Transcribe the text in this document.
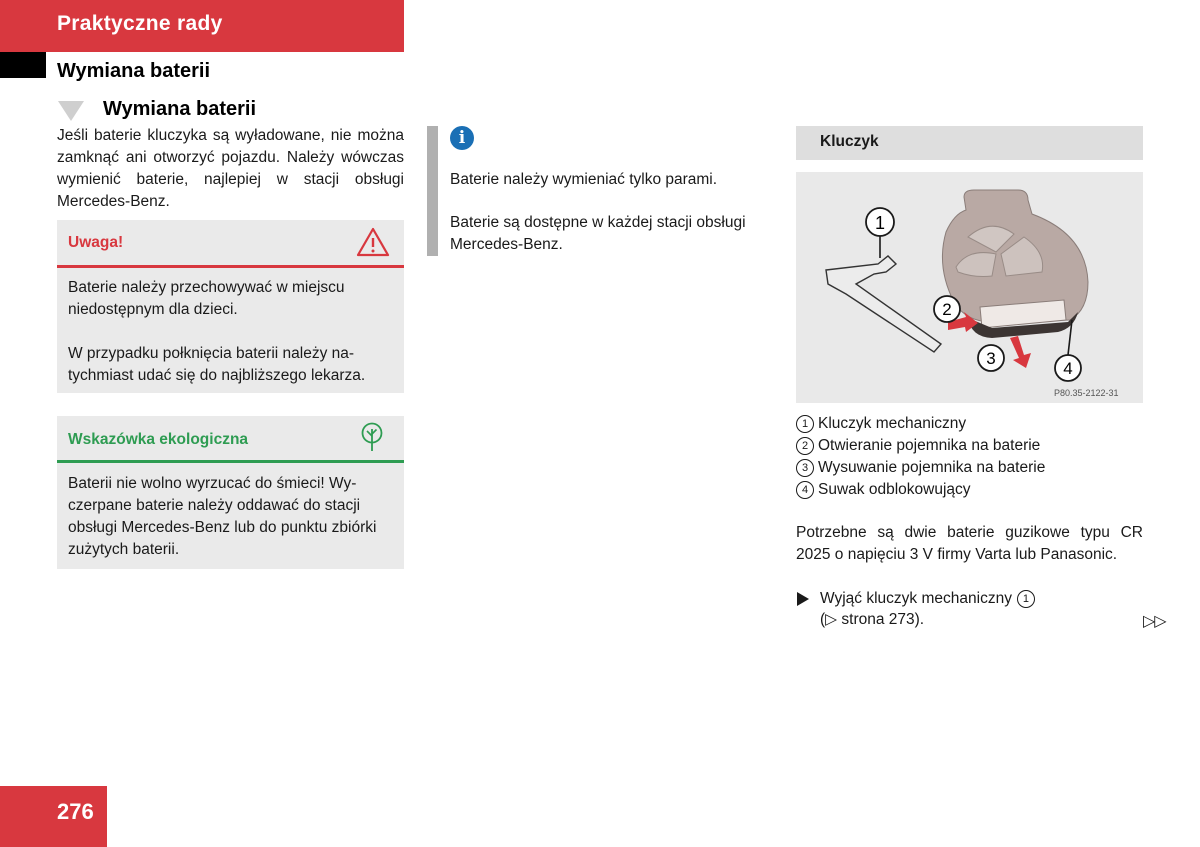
Praktyczne rady
Wymiana baterii
Wymiana baterii
Jeśli baterie kluczyka są wyładowane, nie można zamknąć ani otworzyć pojazdu. Należy wówczas wymienić baterie, najlepiej w stacji obsługi Mercedes-Benz.
Uwaga!
Baterie należy przechowywać w miejscu niedostępnym dla dzieci.
W przypadku połknięcia baterii należy na-
tychmiast udać się do najbliższego lekarza.
Wskazówka ekologiczna
Baterii nie wolno wyrzucać do śmieci! Wy-
czerpane baterie należy oddawać do stacji
obsługi Mercedes-Benz lub do punktu zbiórki
zużytych baterii.
i
Baterie należy wymieniać tylko parami.
Baterie są dostępne w każdej stacji obsługi Mercedes-Benz.
Kluczyk
1
2
3
4
P80.35-2122-31
1 Kluczyk mechaniczny
2 Otwieranie pojemnika na baterie
3 Wysuwanie pojemnika na baterie
4 Suwak odblokowujący
Potrzebne są dwie baterie guzikowe typu CR 2025 o napięciu 3 V firmy Varta lub Panasonic.
Wyjąć kluczyk mechaniczny 1
(▷ strona 273).	▷▷
276
